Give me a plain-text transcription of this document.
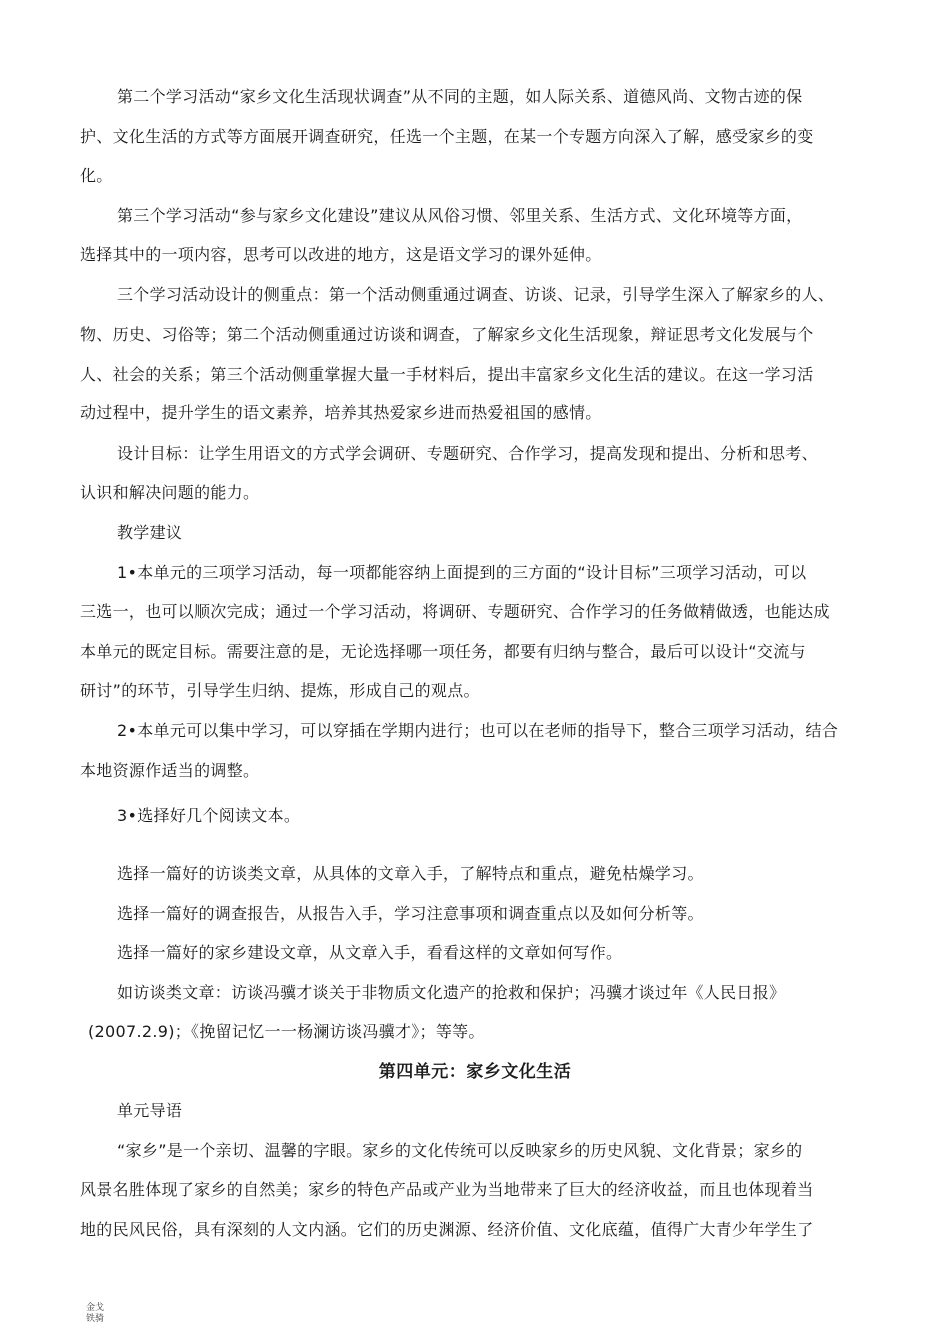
第二个学习活动“家乡文化生活现状调查”从不同的主题，如人际关系、道德风尚、文物古迹的保
护、文化生活的方式等方面展开调查研究，任选一个主题，在某一个专题方向深入了解，感受家乡的变
化。
第三个学习活动“参与家乡文化建设”建议从风俗习惯、邻里关系、生活方式、文化环境等方面，
选择其中的一项内容，思考可以改进的地方，这是语文学习的课外延伸。
三个学习活动设计的侧重点：第一个活动侧重通过调查、访谈、记录，引导学生深入了解家乡的人、
物、历史、习俗等；第二个活动侧重通过访谈和调查，了解家乡文化生活现象，辩证思考文化发展与个
人、社会的关系；第三个活动侧重掌握大量一手材料后，提出丰富家乡文化生活的建议。在这一学习活
动过程中，提升学生的语文素养，培养其热爱家乡进而热爱祖国的感情。
设计目标：让学生用语文的方式学会调研、专题研究、合作学习，提高发现和提出、分析和思考、
认识和解决问题的能力。
教学建议
1•本单元的三项学习活动，每一项都能容纳上面提到的三方面的“设计目标”三项学习活动，可以
三选一，也可以顺次完成；通过一个学习活动，将调研、专题研究、合作学习的任务做精做透，也能达成
本单元的既定目标。需要注意的是，无论选择哪一项任务，都要有归纳与整合，最后可以设计“交流与
研讨”的环节，引导学生归纳、提炼，形成自己的观点。
2•本单元可以集中学习，可以穿插在学期内进行；也可以在老师的指导下，整合三项学习活动，结合
本地资源作适当的调整。
3•选择好几个阅读文本。
选择一篇好的访谈类文章，从具体的文章入手，了解特点和重点，避免枯燥学习。
选择一篇好的调查报告，从报告入手，学习注意事项和调查重点以及如何分析等。
选择一篇好的家乡建设文章，从文章入手，看看这样的文章如何写作。
如访谈类文章：访谈冯骥才谈关于非物质文化遗产的抢救和保护；冯骥才谈过年《人民日报》
(2007.2.9)；《挽留记忆一一杨澜访谈冯骥才》；等等。
第四单元：家乡文化生活
单元导语
“家乡”是一个亲切、温馨的字眼。家乡的文化传统可以反映家乡的历史风貌、文化背景；家乡的
风景名胜体现了家乡的自然美；家乡的特色产品或产业为当地带来了巨大的经济收益，而且也体现着当
地的民风民俗，具有深刻的人文内涵。它们的历史渊源、经济价值、文化底蕴，值得广大青少年学生了
金戈
铁骑
